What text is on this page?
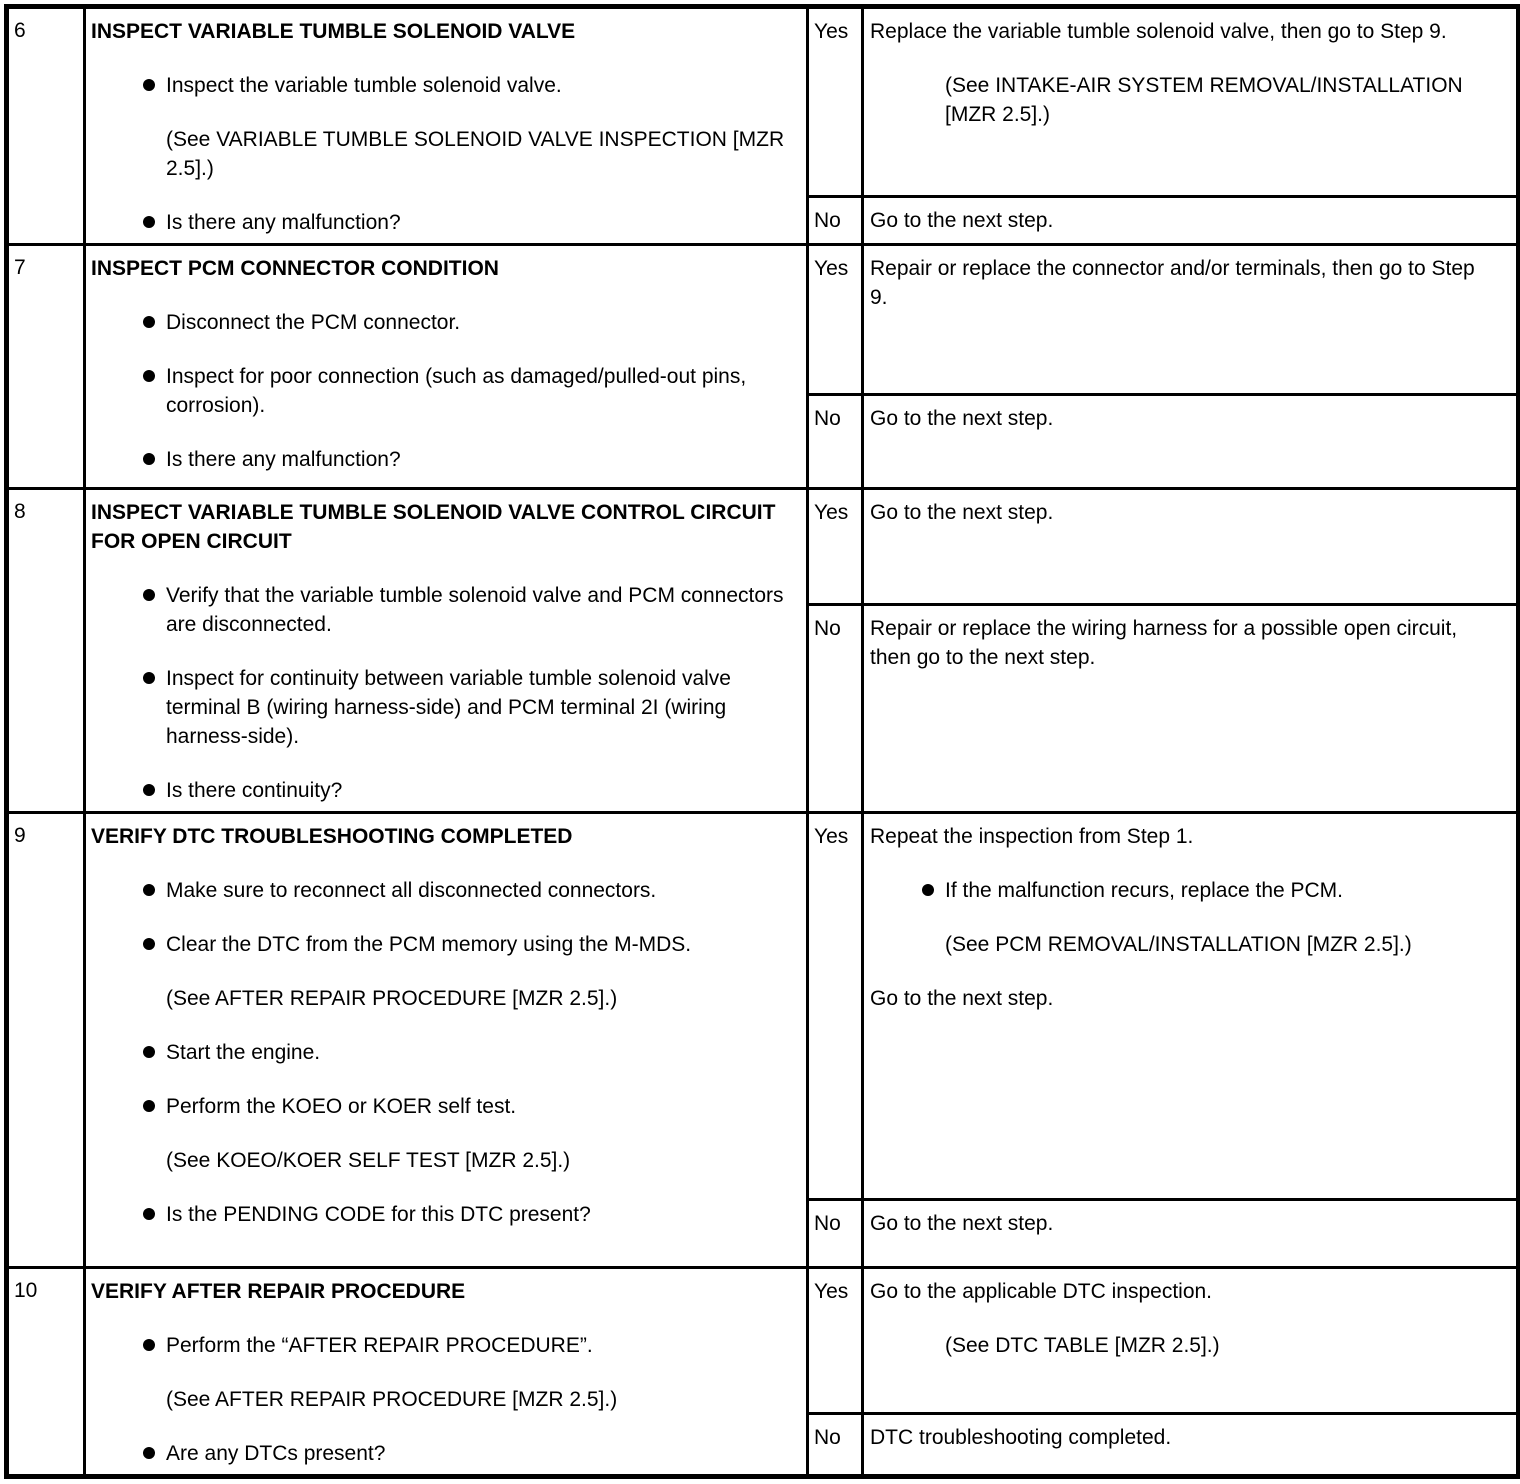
6	INSPECT VARIABLE TUMBLE SOLENOID VALVE
Inspect the variable tumble solenoid valve.
(See VARIABLE TUMBLE SOLENOID VALVE INSPECTION [MZR 2.5].)
Is there any malfunction?
	Yes	Replace the variable tumble solenoid valve, then go to Step 9.
(See INTAKE-AIR SYSTEM REMOVAL/INSTALLATION [MZR 2.5].)

		No	Go to the next step.

7	INSPECT PCM CONNECTOR CONDITION
Disconnect the PCM connector.
Inspect for poor connection (such as damaged/pulled-out pins, corrosion).
Is there any malfunction?	Yes	Repair or replace the connector and/or terminals, then go to Step 9.

		No	Go to the next step.

8	INSPECT VARIABLE TUMBLE SOLENOID VALVE CONTROL CIRCUIT FOR OPEN CIRCUIT
Verify that the variable tumble solenoid valve and PCM connectors are disconnected.
Inspect for continuity between variable tumble solenoid valve terminal B (wiring harness-side) and PCM terminal 2I (wiring harness-side).
Is there continuity?	Yes	Go to the next step.

		No	Repair or replace the wiring harness for a possible open circuit, then go to the next step.

9	VERIFY DTC TROUBLESHOOTING COMPLETED
Make sure to reconnect all disconnected connectors.
Clear the DTC from the PCM memory using the M-MDS.
(See AFTER REPAIR PROCEDURE [MZR 2.5].)
Start the engine.
Perform the KOEO or KOER self test.
(See KOEO/KOER SELF TEST [MZR 2.5].)
Is the PENDING CODE for this DTC present?
	Yes	Repeat the inspection from Step 1.
If the malfunction recurs, replace the PCM.
(See PCM REMOVAL/INSTALLATION [MZR 2.5].)
Go to the next step.

		No	Go to the next step.

10	VERIFY AFTER REPAIR PROCEDURE
Perform the “AFTER REPAIR PROCEDURE”.
(See AFTER REPAIR PROCEDURE [MZR 2.5].)
Are any DTCs present?
	Yes	Go to the applicable DTC inspection.
(See DTC TABLE [MZR 2.5].)

		No	DTC troubleshooting completed.
